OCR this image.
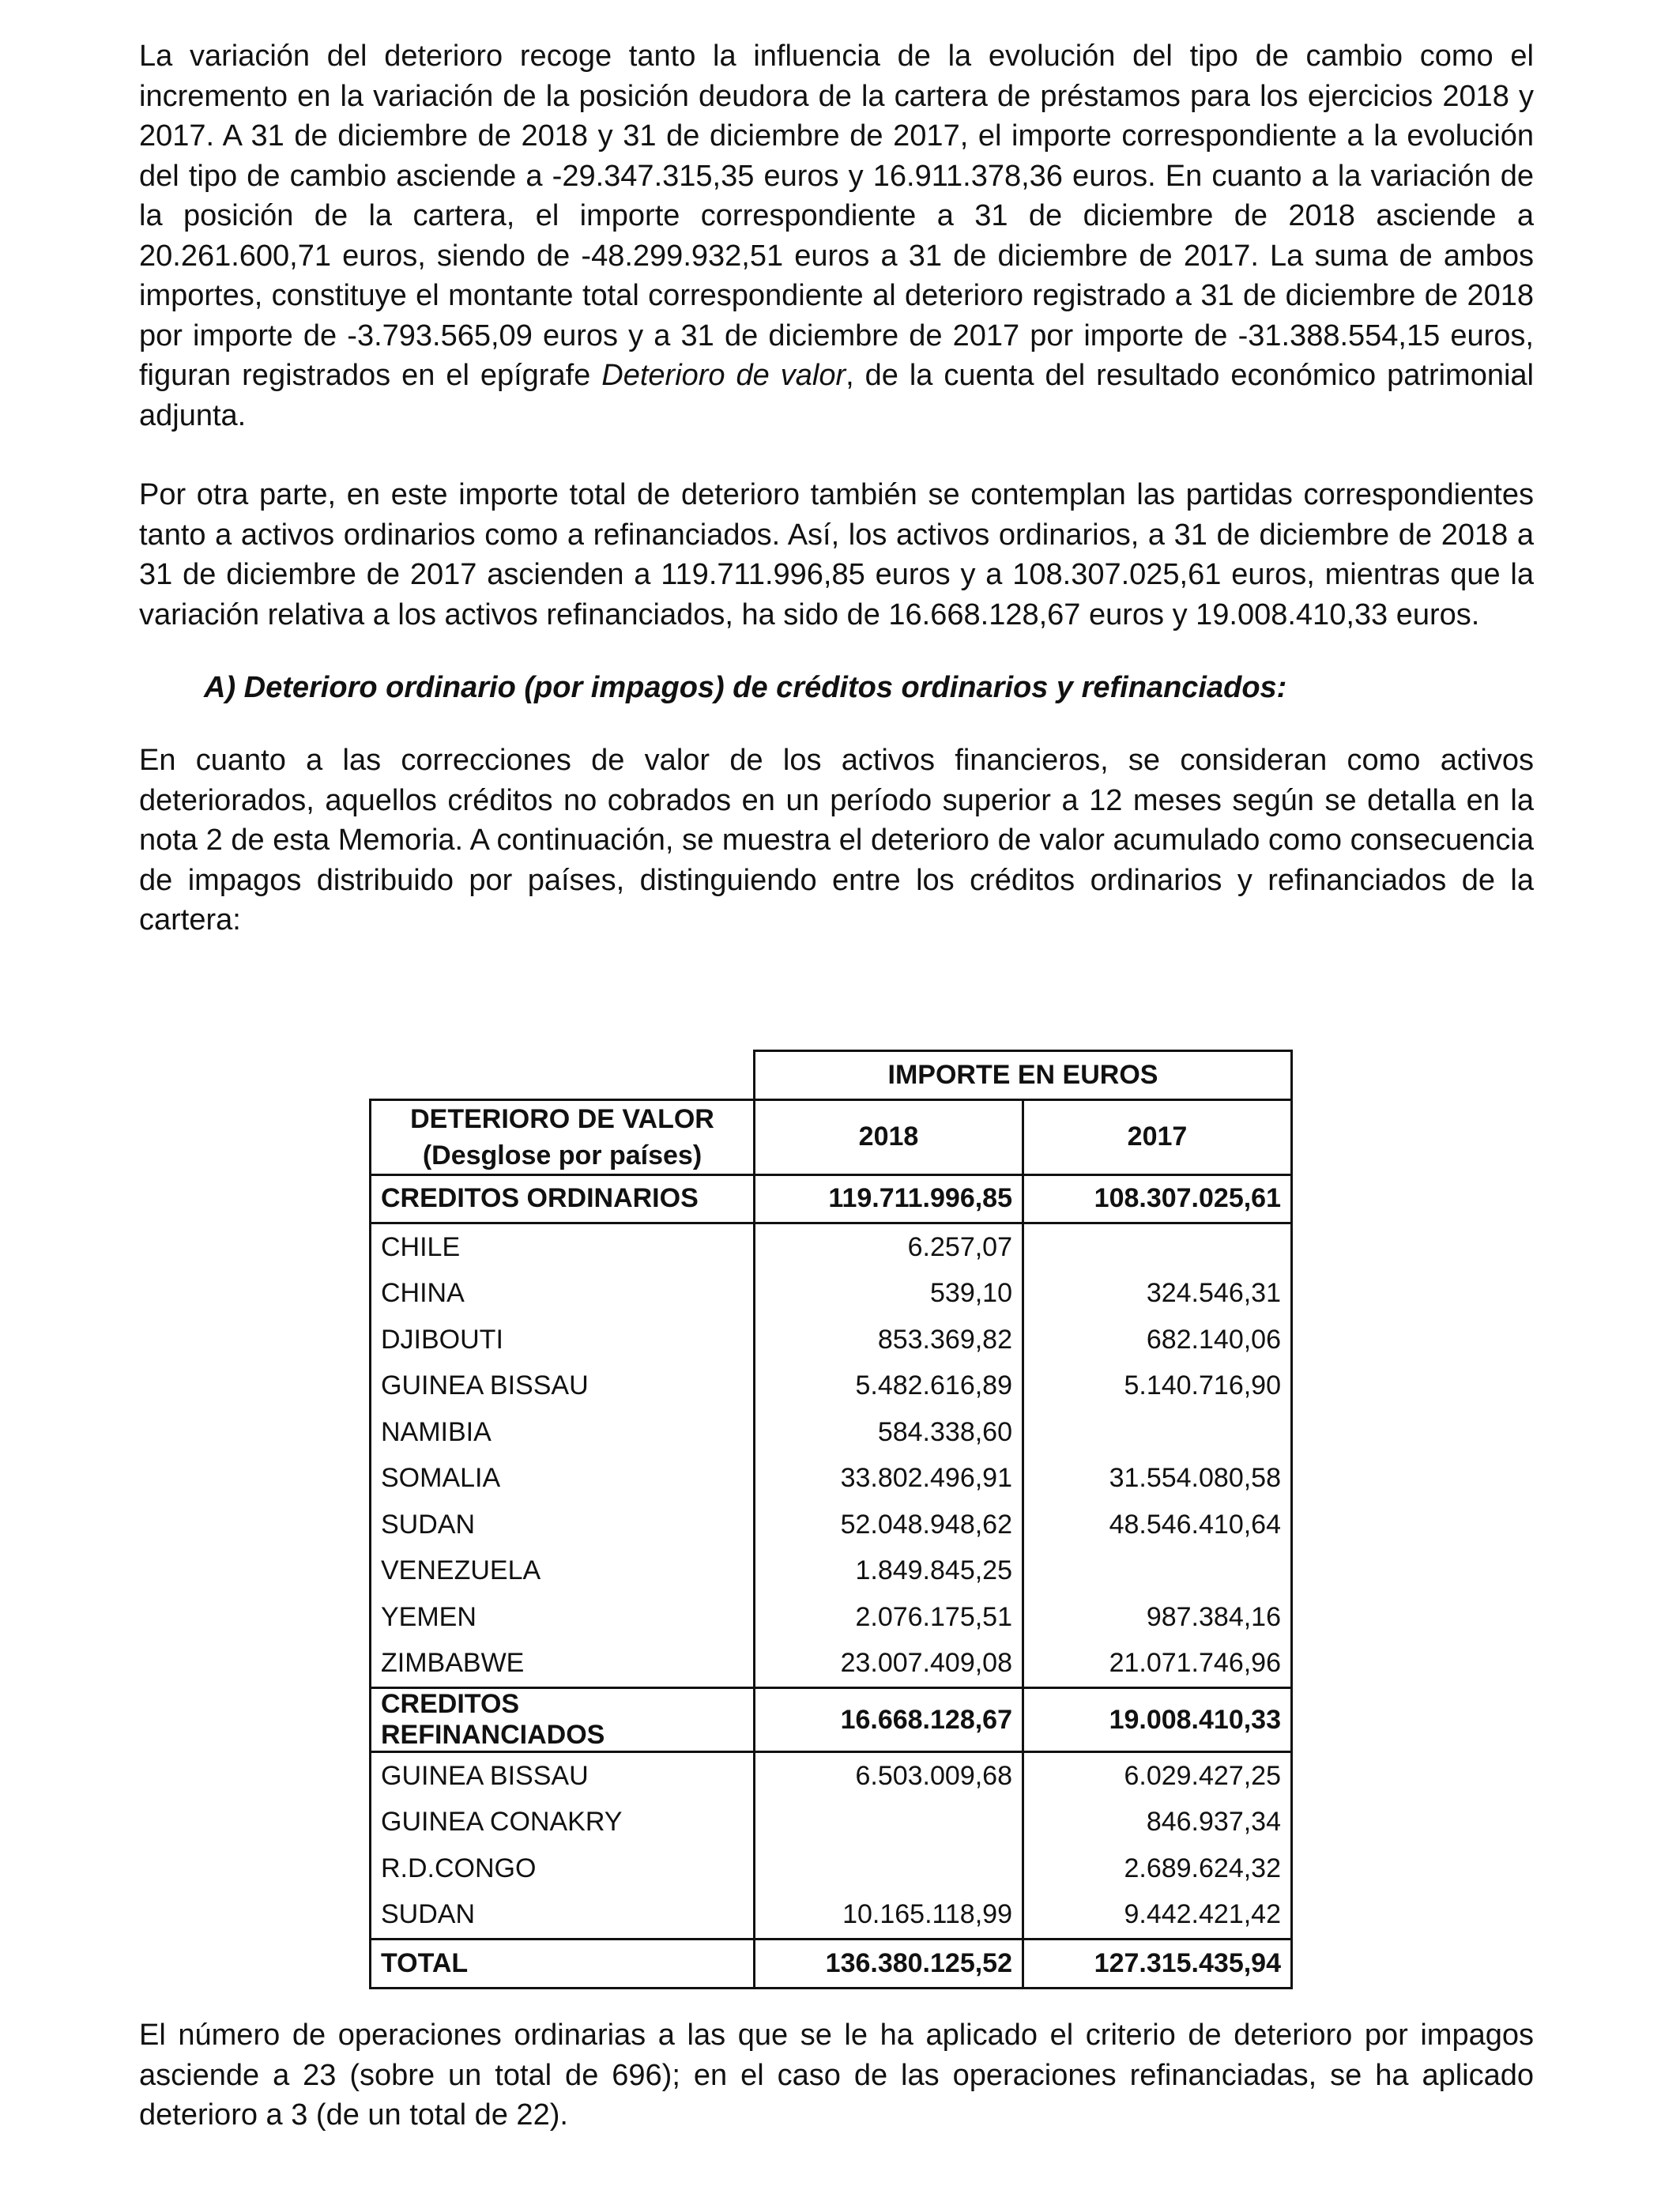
La variación del deterioro recoge tanto la influencia de la evolución del tipo de cambio como el incremento en la variación de la posición deudora de la cartera de préstamos para los ejercicios 2018 y 2017. A 31 de diciembre de 2018 y 31 de diciembre de 2017, el importe correspondiente a la evolución del tipo de cambio asciende a -29.347.315,35 euros y 16.911.378,36 euros. En cuanto a la variación de la posición de la cartera, el importe correspondiente a 31 de diciembre de 2018 asciende a 20.261.600,71 euros, siendo de -48.299.932,51 euros a 31 de diciembre de 2017. La suma de ambos importes, constituye el montante total correspondiente al deterioro registrado a 31 de diciembre de 2018 por importe de -3.793.565,09 euros y a 31 de diciembre de 2017 por importe de -31.388.554,15 euros, figuran registrados en el epígrafe Deterioro de valor, de la cuenta del resultado económico patrimonial adjunta.

Por otra parte, en este importe total de deterioro también se contemplan las partidas correspondientes tanto a activos ordinarios como a refinanciados. Así, los activos ordinarios, a 31 de diciembre de 2018 a 31 de diciembre de 2017 ascienden a 119.711.996,85 euros y a 108.307.025,61 euros, mientras que la variación relativa a los activos refinanciados, ha sido de 16.668.128,67 euros y 19.008.410,33 euros.

A) Deterioro ordinario (por impagos) de créditos ordinarios y refinanciados:

En cuanto a las correcciones de valor de los activos financieros, se consideran como activos deteriorados, aquellos créditos no cobrados en un período superior a 12 meses según se detalla en la nota 2 de esta Memoria. A continuación, se muestra el deterioro de valor acumulado como consecuencia de impagos distribuido por países, distinguiendo entre los créditos ordinarios y refinanciados de la cartera:

	IMPORTE EN EUROS	

DETERIORO DE VALOR
(Desglose por países)	2018	2017
CREDITOS ORDINARIOS	119.711.996,85	108.307.025,61
CHILE	6.257,07	
CHINA	539,10	324.546,31
DJIBOUTI	853.369,82	682.140,06
GUINEA BISSAU	5.482.616,89	5.140.716,90
NAMIBIA	584.338,60	
SOMALIA	33.802.496,91	31.554.080,58
SUDAN	52.048.948,62	48.546.410,64
VENEZUELA	1.849.845,25	
YEMEN	2.076.175,51	987.384,16
ZIMBABWE	23.007.409,08	21.071.746,96
CREDITOS REFINANCIADOS	16.668.128,67	19.008.410,33
GUINEA BISSAU	6.503.009,68	6.029.427,25
GUINEA CONAKRY		846.937,34
R.D.CONGO		2.689.624,32
SUDAN	10.165.118,99	9.442.421,42
TOTAL	136.380.125,52	127.315.435,94

El número de operaciones ordinarias a las que se le ha aplicado el criterio de deterioro por impagos asciende a 23 (sobre un total de 696); en el caso de las operaciones refinanciadas, se ha aplicado deterioro a 3 (de un total de 22).
